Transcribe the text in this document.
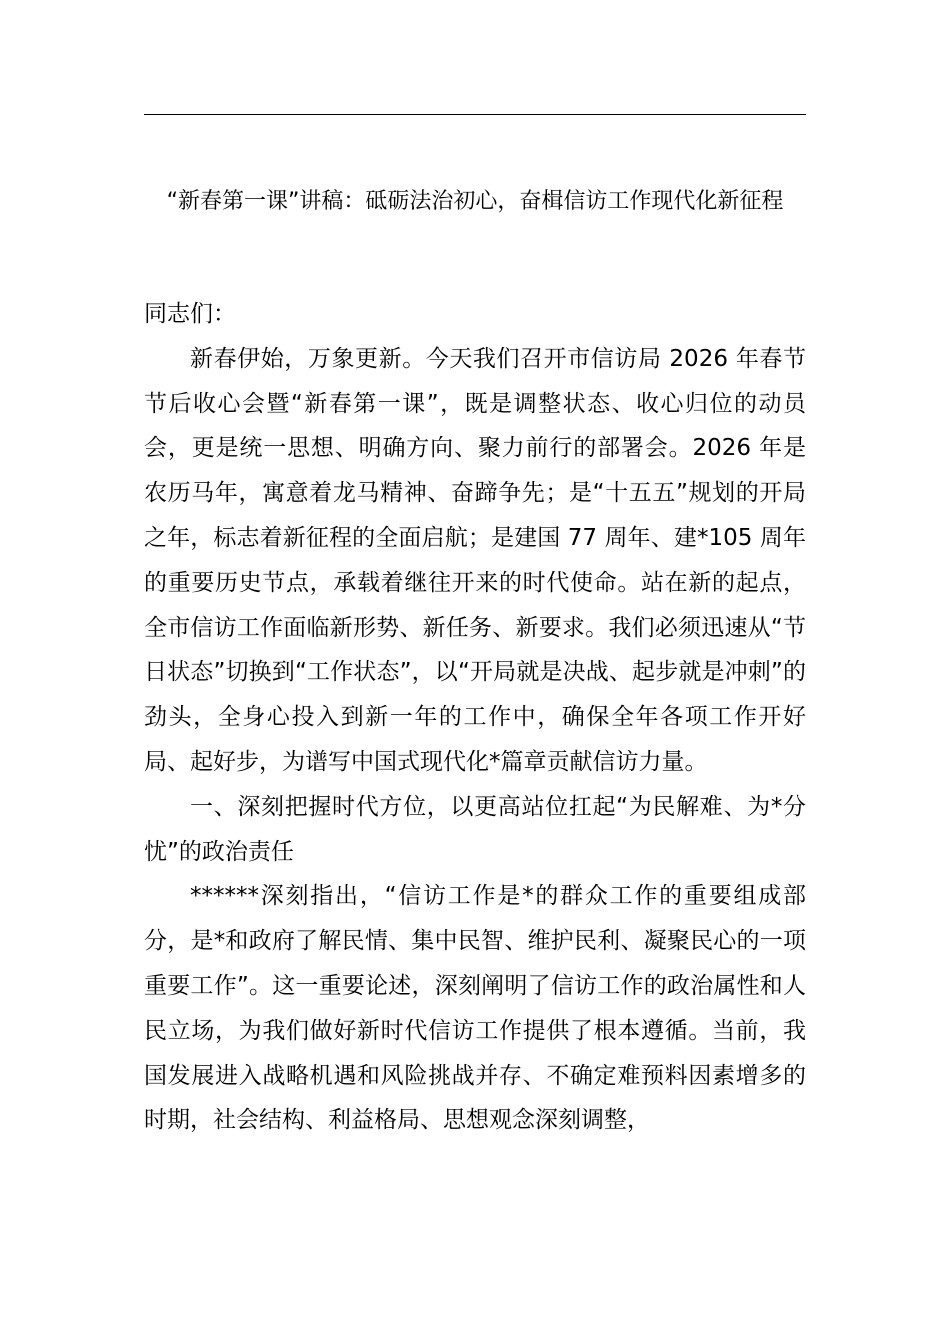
“新春第一课”讲稿：砥砺法治初心，奋楫信访工作现代化新征程

同志们：

新春伊始，万象更新。今天我们召开市信访局 2026 年春节节后收心会暨“新春第一课”，既是调整状态、收心归位的动员会，更是统一思想、明确方向、聚力前行的部署会。2026 年是农历马年，寓意着龙马精神、奋蹄争先；是“十五五”规划的开局之年，标志着新征程的全面启航；是建国 77 周年、建*105 周年的重要历史节点，承载着继往开来的时代使命。站在新的起点，全市信访工作面临新形势、新任务、新要求。我们必须迅速从“节日状态”切换到“工作状态”，以“开局就是决战、起步就是冲刺”的劲头，全身心投入到新一年的工作中，确保全年各项工作开好局、起好步，为谱写中国式现代化*篇章贡献信访力量。

一、深刻把握时代方位，以更高站位扛起“为民解难、为*分忧”的政治责任

******深刻指出，“信访工作是*的群众工作的重要组成部分，是*和政府了解民情、集中民智、维护民利、凝聚民心的一项重要工作”。这一重要论述，深刻阐明了信访工作的政治属性和人民立场，为我们做好新时代信访工作提供了根本遵循。当前，我国发展进入战略机遇和风险挑战并存、不确定难预料因素增多的时期，社会结构、利益格局、思想观念深刻调整，
